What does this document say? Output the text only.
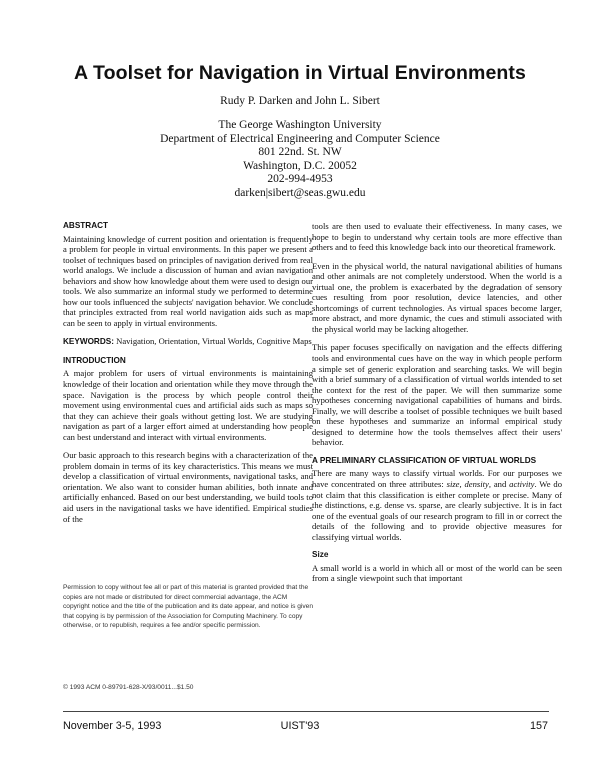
A Toolset for Navigation in Virtual Environments
Rudy P. Darken and John L. Sibert
The George Washington University
Department of Electrical Engineering and Computer Science
801 22nd. St. NW
Washington, D.C. 20052
202-994-4953
darken|sibert@seas.gwu.edu
ABSTRACT

Maintaining knowledge of current position and orientation is frequently a problem for people in virtual environments. In this paper we present a toolset of techniques based on principles of navigation derived from real world analogs. We include a discussion of human and avian navigation behaviors and show how knowledge about them were used to design our tools. We also summarize an informal study we performed to determine how our tools influenced the subjects' navigation behavior. We conclude that principles extracted from real world navigation aids such as maps can be seen to apply in virtual environments.

KEYWORDS: Navigation, Orientation, Virtual Worlds, Cognitive Maps

INTRODUCTION

A major problem for users of virtual environments is maintaining knowledge of their location and orientation while they move through the space. Navigation is the process by which people control their movement using environmental cues and artificial aids such as maps so that they can achieve their goals without getting lost. We are studying navigation as part of a larger effort aimed at understanding how people can best understand and interact with virtual environments.

Our basic approach to this research begins with a characterization of the problem domain in terms of its key characteristics. This means we must develop a classification of virtual environments, navigational tasks, and orientation. We also want to consider human abilities, both innate and artificially enhanced. Based on our best understanding, we build tools to aid users in the navigational tasks we have identified. Empirical studies of the

Permission to copy without fee all or part of this material is granted provided that the copies are not made or distributed for direct commercial advantage, the ACM copyright notice and the title of the publication and its date appear, and notice is given that copying is by permission of the Association for Computing Machinery. To copy otherwise, or to republish, requires a fee and/or specific permission.

© 1993 ACM 0-89791-628-X/93/0011...$1.50

tools are then used to evaluate their effectiveness. In many cases, we hope to begin to understand why certain tools are more effective than others and to feed this knowledge back into our theoretical framework.

Even in the physical world, the natural navigational abilities of humans and other animals are not completely understood. When the world is a virtual one, the problem is exacerbated by the degradation of sensory cues resulting from poor resolution, device latencies, and other shortcomings of current technologies. As virtual spaces become larger, more abstract, and more dynamic, the cues and stimuli associated with the physical world may be lacking altogether.

This paper focuses specifically on navigation and the effects differing tools and environmental cues have on the way in which people perform a simple set of generic exploration and searching tasks. We will begin with a brief summary of a classification of virtual worlds intended to set the context for the rest of the paper. We will then summarize some hypotheses concerning navigational capabilities of humans and birds. Finally, we will describe a toolset of possible techniques we built based on these hypotheses and summarize an informal empirical study designed to determine how the tools themselves affect their users' behavior.

A PRELIMINARY CLASSIFICATION OF VIRTUAL WORLDS

There are many ways to classify virtual worlds. For our purposes we have concentrated on three attributes: size, density, and activity. We do not claim that this classification is either complete or precise. Many of the distinctions, e.g. dense vs. sparse, are clearly subjective. It is in fact one of the eventual goals of our research program to fill in or correct the details of the following and to provide objective measures for classifying virtual worlds.

Size

A small world is a world in which all or most of the world can be seen from a single viewpoint such that important

November 3-5, 1993	UIST'93	157
